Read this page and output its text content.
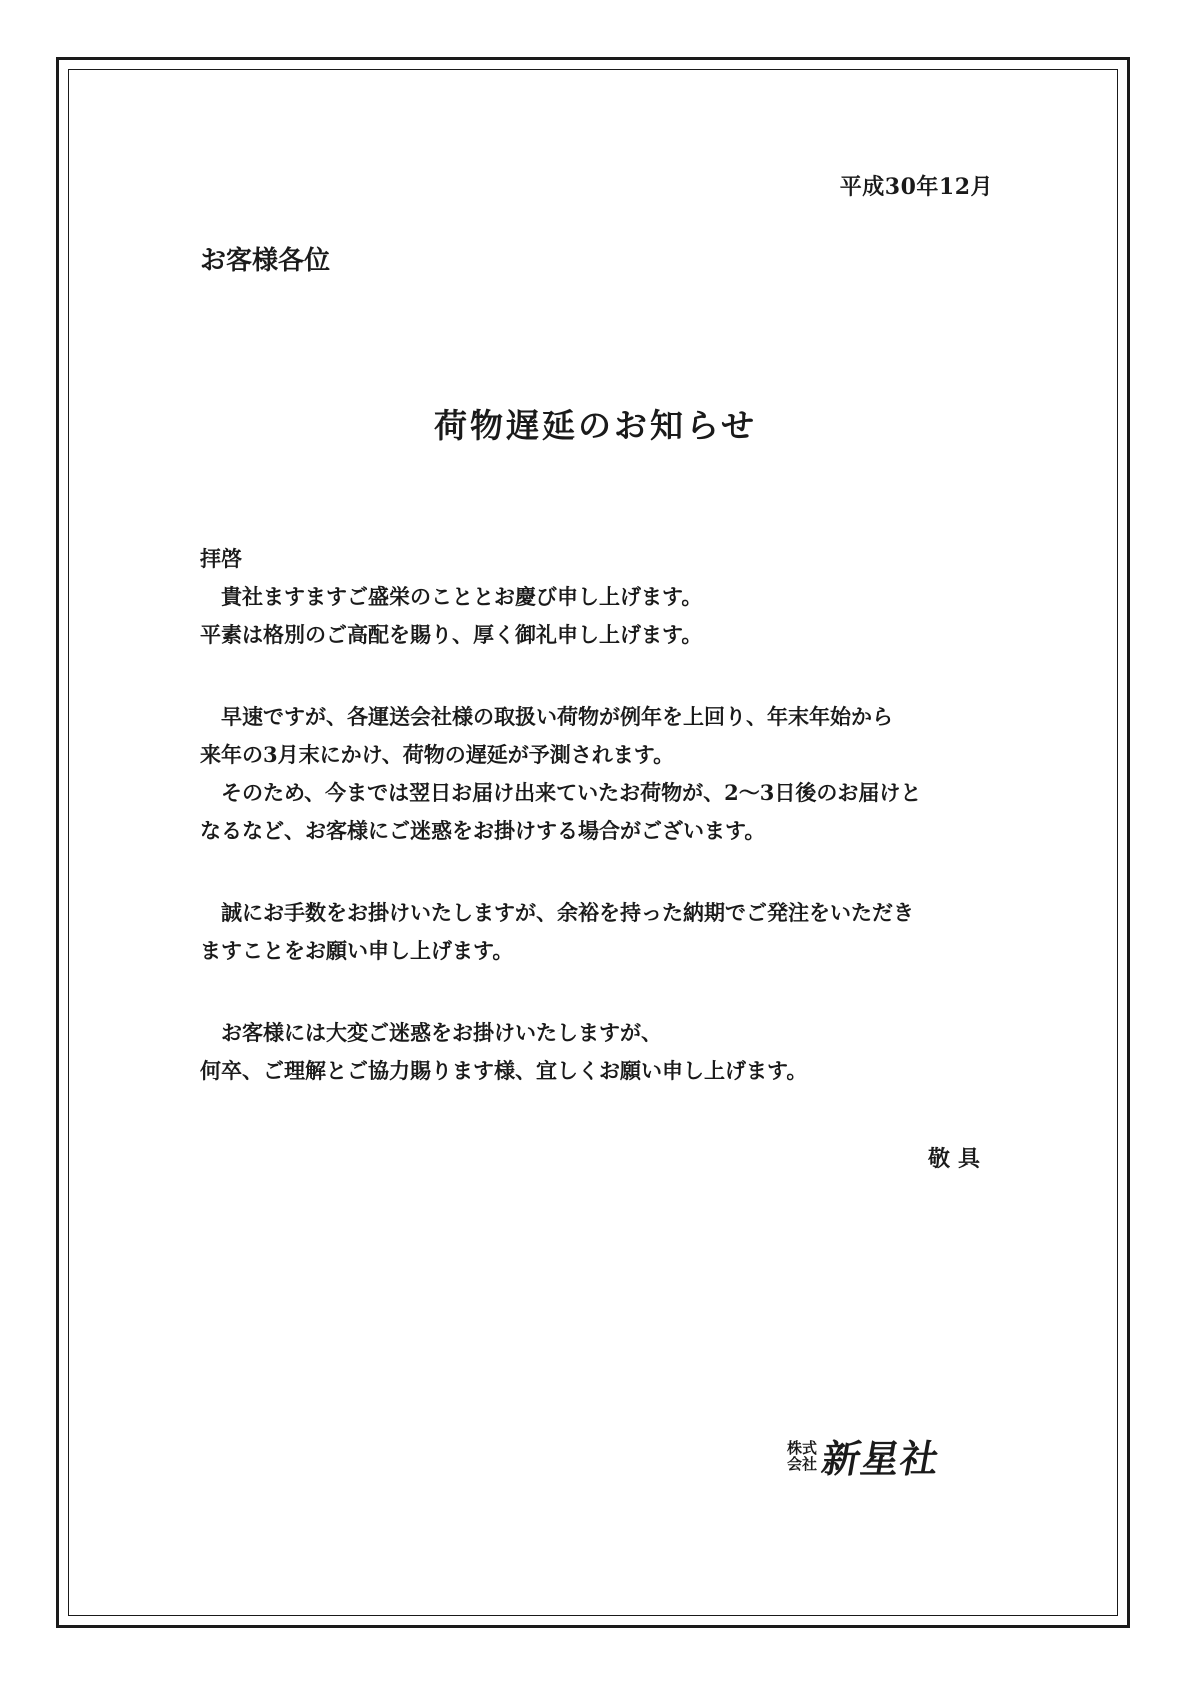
平成30年12月
お客様各位
荷物遅延のお知らせ

拝啓

　貴社ますますご盛栄のこととお慶び申し上げます。

平素は格別のご高配を賜り、厚く御礼申し上げます。

　早速ですが、各運送会社様の取扱い荷物が例年を上回り、年末年始から

来年の3月末にかけ、荷物の遅延が予測されます。

　そのため、今までは翌日お届け出来ていたお荷物が、2〜3日後のお届けと

なるなど、お客様にご迷惑をお掛けする場合がございます。

　誠にお手数をお掛けいたしますが、余裕を持った納期でご発注をいただき

ますことをお願い申し上げます。

　お客様には大変ご迷惑をお掛けいたしますが、

何卒、ご理解とご協力賜ります様、宜しくお願い申し上げます。

敬具
株式
会社 新星社
